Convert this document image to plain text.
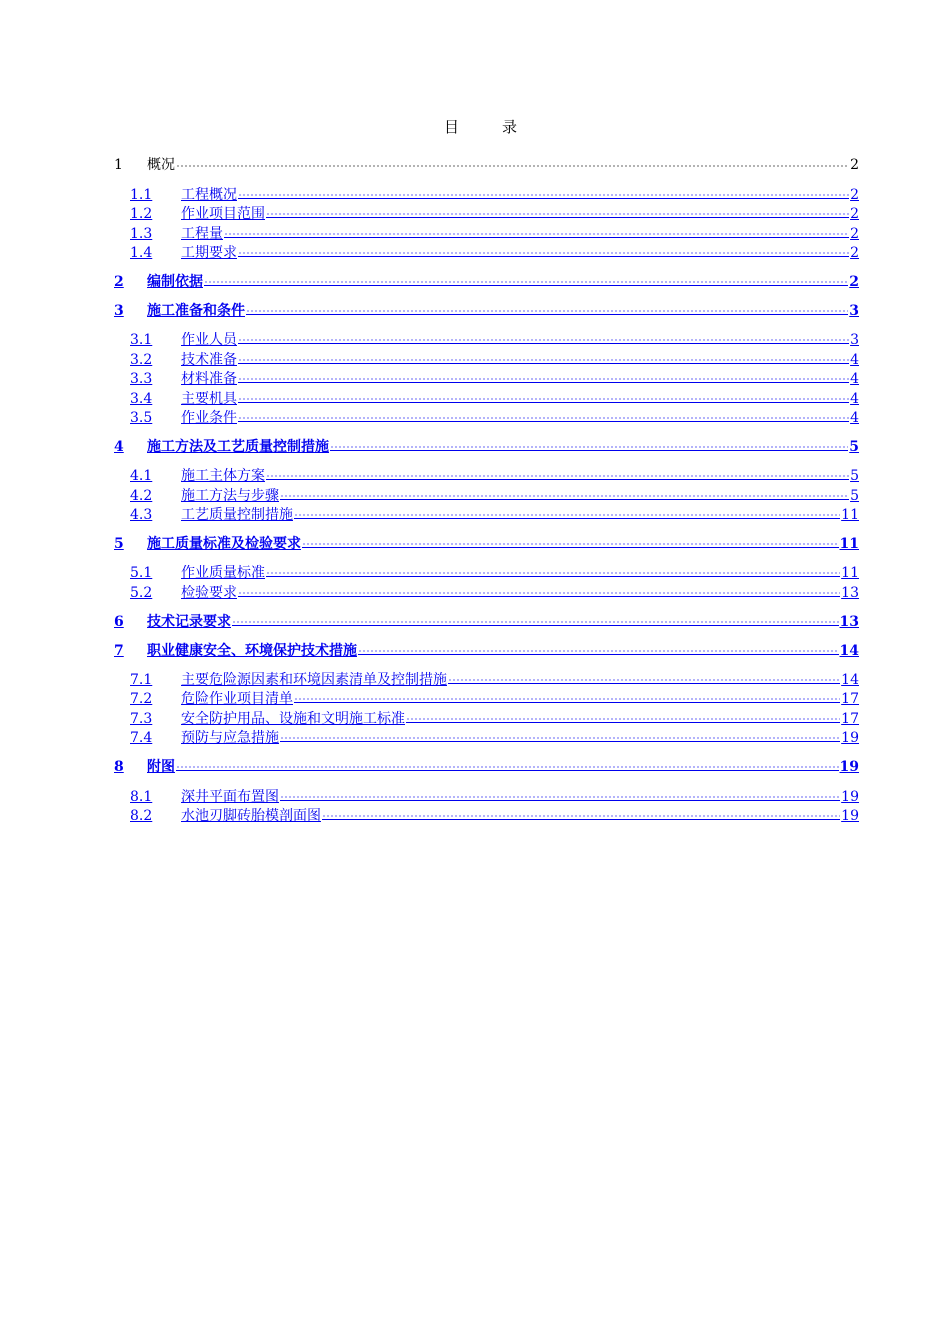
目　录
1	概况	2
1.1	工程概况	2
1.2	作业项目范围	2
1.3	工程量	2
1.4	工期要求	2
2	编制依据	2
3	施工准备和条件	3
3.1	作业人员	3
3.2	技术准备	4
3.3	材料准备	4
3.4	主要机具	4
3.5	作业条件	4
4	施工方法及工艺质量控制措施	5
4.1	施工主体方案	5
4.2	施工方法与步骤	5
4.3	工艺质量控制措施	11
5	施工质量标准及检验要求	11
5.1	作业质量标准	11
5.2	检验要求	13
6	技术记录要求	13
7	职业健康安全、环境保护技术措施	14
7.1	主要危险源因素和环境因素清单及控制措施	14
7.2	危险作业项目清单	17
7.3	安全防护用品、设施和文明施工标准	17
7.4	预防与应急措施	19
8	附图	19
8.1	深井平面布置图	19
8.2	水池刃脚砖胎模剖面图	19
